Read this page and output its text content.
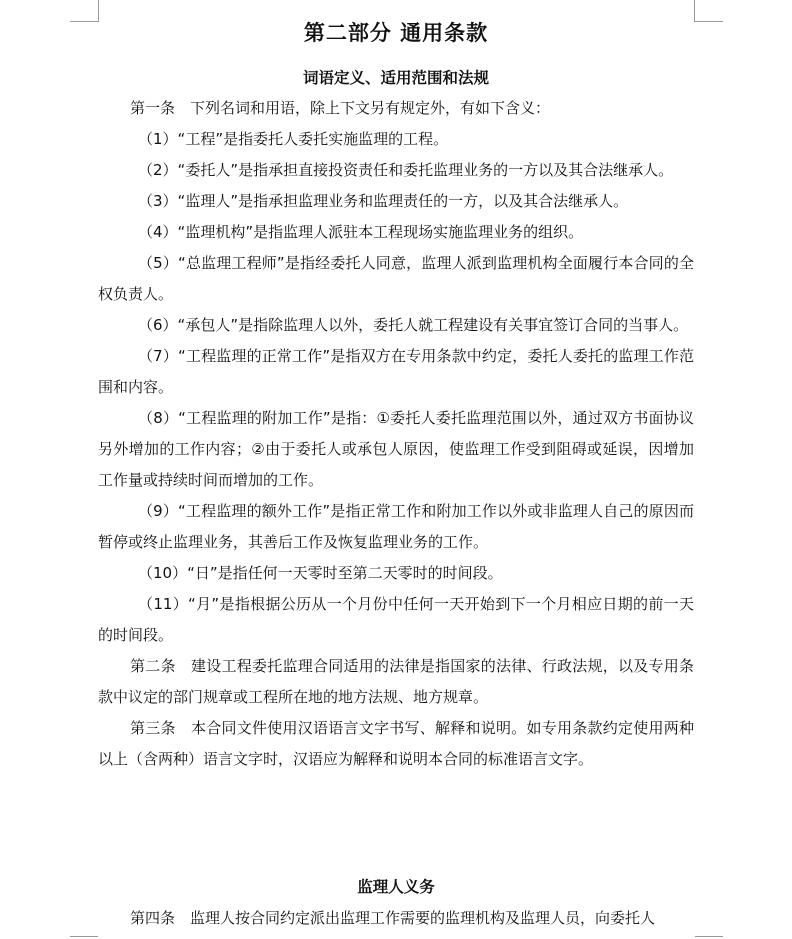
第二部分 通用条款
词语定义、适用范围和法规

第一条　下列名词和用语，除上下文另有规定外，有如下含义：

（1）“工程”是指委托人委托实施监理的工程。

（2）“委托人”是指承担直接投资责任和委托监理业务的一方以及其合法继承人。

（3）“监理人”是指承担监理业务和监理责任的一方，以及其合法继承人。

（4）“监理机构”是指监理人派驻本工程现场实施监理业务的组织。

（5）“总监理工程师”是指经委托人同意，监理人派到监理机构全面履行本合同的全权负责人。

（6）“承包人”是指除监理人以外，委托人就工程建设有关事宜签订合同的当事人。

（7）“工程监理的正常工作”是指双方在专用条款中约定，委托人委托的监理工作范围和内容。

（8）“工程监理的附加工作”是指：①委托人委托监理范围以外，通过双方书面协议另外增加的工作内容；②由于委托人或承包人原因，使监理工作受到阻碍或延误，因增加工作量或持续时间而增加的工作。

（9）“工程监理的额外工作”是指正常工作和附加工作以外或非监理人自己的原因而暂停或终止监理业务，其善后工作及恢复监理业务的工作。

（10）“日”是指任何一天零时至第二天零时的时间段。

（11）“月”是指根据公历从一个月份中任何一天开始到下一个月相应日期的前一天的时间段。

第二条　建设工程委托监理合同适用的法律是指国家的法律、行政法规，以及专用条款中议定的部门规章或工程所在地的地方法规、地方规章。

第三条　本合同文件使用汉语语言文字书写、解释和说明。如专用条款约定使用两种以上（含两种）语言文字时，汉语应为解释和说明本合同的标准语言文字。

监理人义务

第四条　监理人按合同约定派出监理工作需要的监理机构及监理人员，向委托人
